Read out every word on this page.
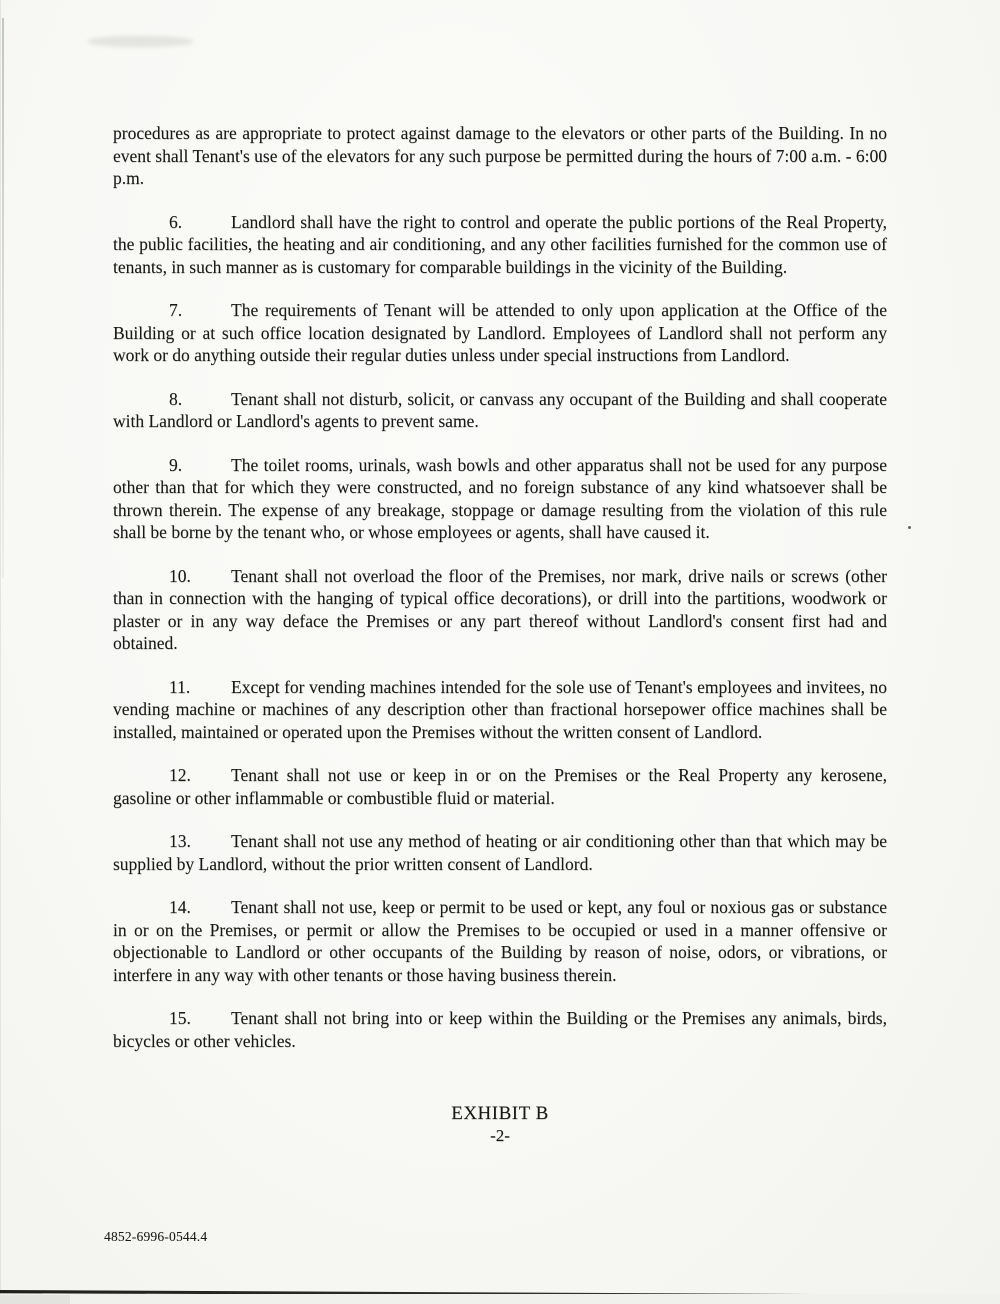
procedures as are appropriate to protect against damage to the elevators or other parts of the Building. In no event shall Tenant's use of the elevators for any such purpose be permitted during the hours of 7:00 a.m. - 6:00 p.m.

6.	Landlord shall have the right to control and operate the public portions of the Real Property, the public facilities, the heating and air conditioning, and any other facilities furnished for the common use of tenants, in such manner as is customary for comparable buildings in the vicinity of the Building.

7.	The requirements of Tenant will be attended to only upon application at the Office of the Building or at such office location designated by Landlord. Employees of Landlord shall not perform any work or do anything outside their regular duties unless under special instructions from Landlord.

8.	Tenant shall not disturb, solicit, or canvass any occupant of the Building and shall cooperate with Landlord or Landlord's agents to prevent same.

9.	The toilet rooms, urinals, wash bowls and other apparatus shall not be used for any purpose other than that for which they were constructed, and no foreign substance of any kind whatsoever shall be thrown therein. The expense of any breakage, stoppage or damage resulting from the violation of this rule shall be borne by the tenant who, or whose employees or agents, shall have caused it.

10. Tenant shall not overload the floor of the Premises, nor mark, drive nails or screws (other than in connection with the hanging of typical office decorations), or drill into the partitions, woodwork or plaster or in any way deface the Premises or any part thereof without Landlord's consent first had and obtained.

11. Except for vending machines intended for the sole use of Tenant's employees and invitees, no vending machine or machines of any description other than fractional horsepower office machines shall be installed, maintained or operated upon the Premises without the written consent of Landlord.

12. Tenant shall not use or keep in or on the Premises or the Real Property any kerosene, gasoline or other inflammable or combustible fluid or material.

13. Tenant shall not use any method of heating or air conditioning other than that which may be supplied by Landlord, without the prior written consent of Landlord.

14. Tenant shall not use, keep or permit to be used or kept, any foul or noxious gas or substance in or on the Premises, or permit or allow the Premises to be occupied or used in a manner offensive or objectionable to Landlord or other occupants of the Building by reason of noise, odors, or vibrations, or interfere in any way with other tenants or those having business therein.

15. Tenant shall not bring into or keep within the Building or the Premises any animals, birds, bicycles or other vehicles.

EXHIBIT B
-2-
4852-6996-0544.4
